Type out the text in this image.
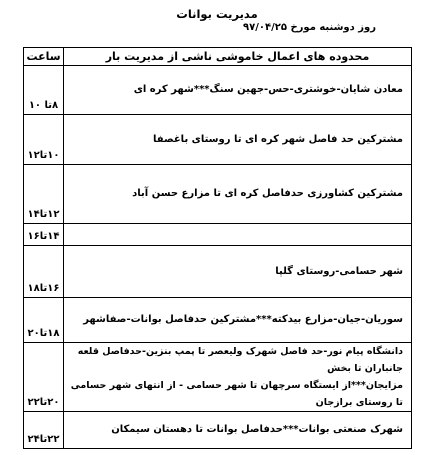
مدیریت بوانات
روز دوشنبه مورخ ۹۷/۰۴/۲۵
محدوده های اعمال خاموشی ناشی از مدیریت بار	ساعت

معادن شایان-خوشتری-حس-جهین سنگ***شهر کره ای	۸تا ۱۰

مشترکین حد فاصل شهر کره ای تا روستای باغصفا	۱۰تا۱۲

مشترکین کشاورزی حدفاصل کره ای تا مزارع حسن آباد	۱۲تا۱۴

	۱۴تا۱۶

شهر حسامی-روستای گلپا	۱۶تا۱۸

سوریان-جیان-مزارع بیدکته***مشترکین حدفاصل بوانات-صفاشهر	۱۸تا۲۰

دانشگاه پیام نور-حد فاصل شهرک ولیعصر تا پمپ بنزین-حدفاصل قلعه جانباران تا بخش
مزایجان***از ایستگاه سرچهان تا شهر حسامی - از انتهای شهر حسامی تا روستای برازجان	۲۰تا۲۲

شهرک صنعتی بوانات***حدفاصل بوانات تا دهستان سیمکان	۲۲تا۲۴
